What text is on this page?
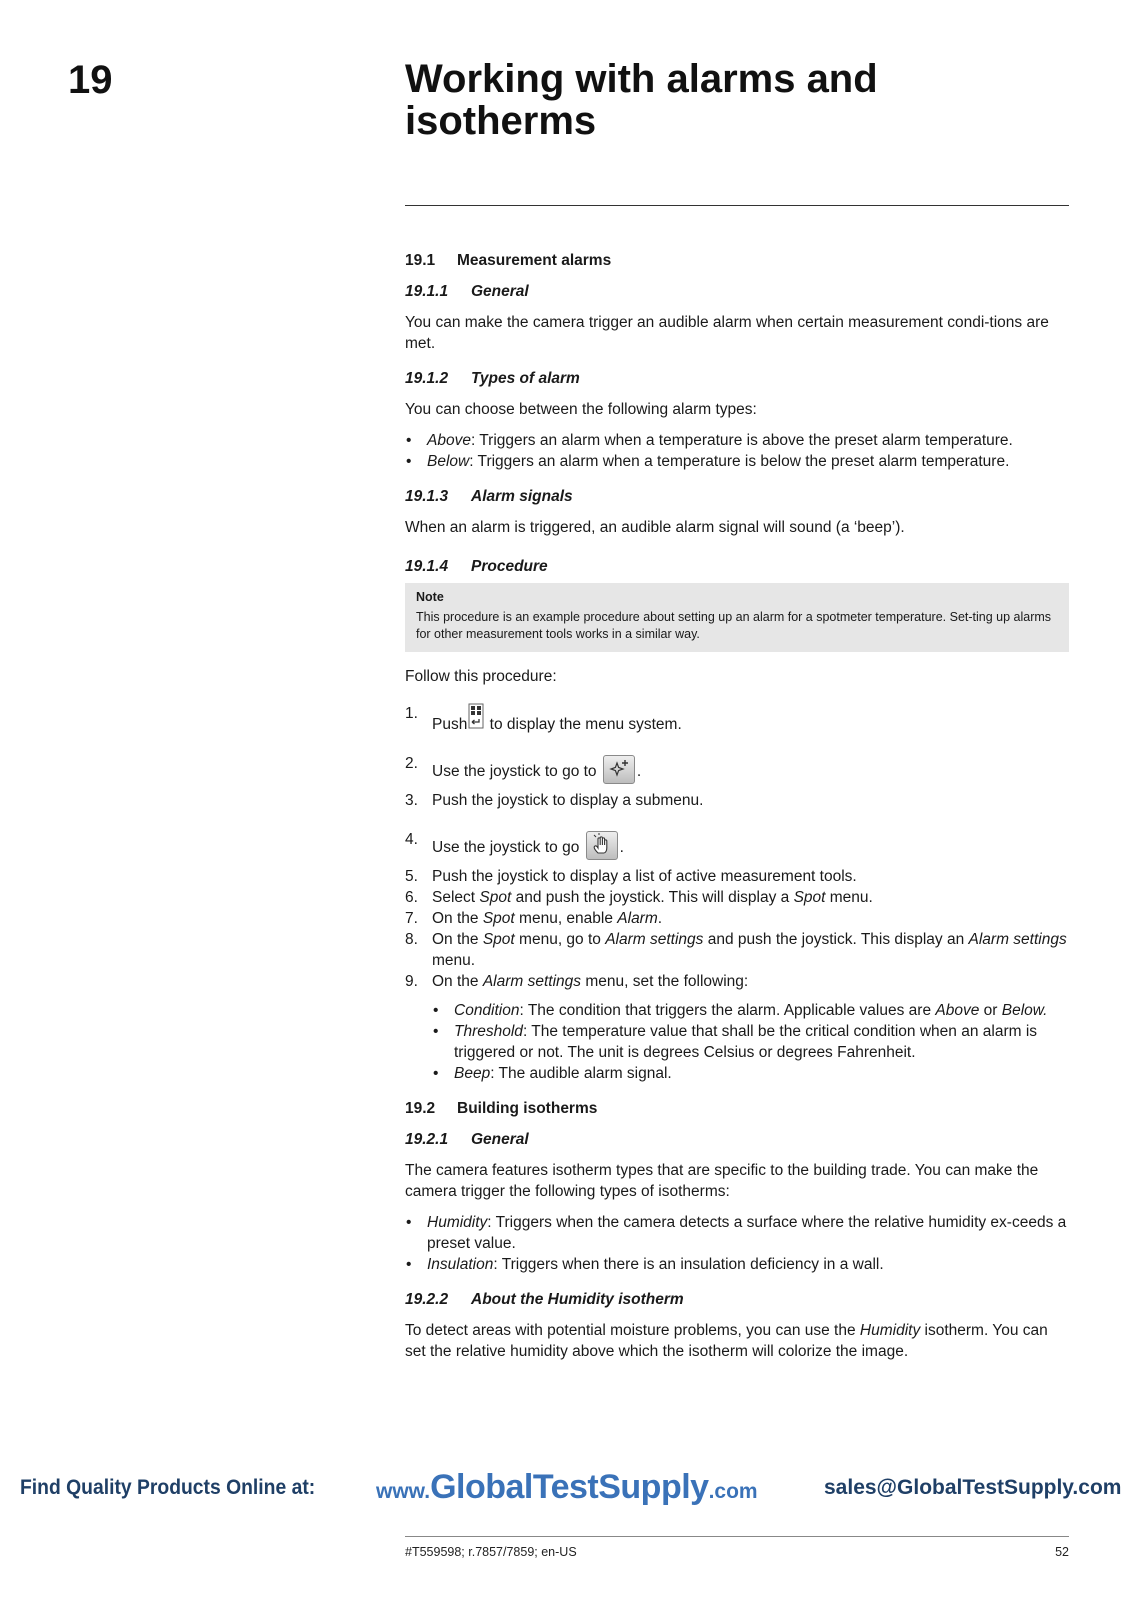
19	Working with alarms and isotherms
19.1 Measurement alarms
19.1.1 General

You can make the camera trigger an audible alarm when certain measurement condi-tions are met.

19.1.2 Types of alarm

You can choose between the following alarm types:

• Above: Triggers an alarm when a temperature is above the preset alarm temperature.
• Below: Triggers an alarm when a temperature is below the preset alarm temperature.
19.1.3 Alarm signals

When an alarm is triggered, an audible alarm signal will sound (a ‘beep’).

19.1.4 Procedure
Note
This procedure is an example procedure about setting up an alarm for a spotmeter temperature. Set-ting up alarms for other measurement tools works in a similar way.

Follow this procedure:

1.
Push to display the menu system.
2. Use the joystick to go to	.
3. Push the joystick to display a submenu.
4. Use the joystick to go	.
5. Push the joystick to display a list of active measurement tools.
6. Select Spot and push the joystick. This will display a Spot menu.
7. On the Spot menu, enable Alarm.
8. On the Spot menu, go to Alarm settings and push the joystick. This display an Alarm settings menu.
9. On the Alarm settings menu, set the following:
• Condition: The condition that triggers the alarm. Applicable values are Above or Below.
• Threshold: The temperature value that shall be the critical condition when an alarm is triggered or not. The unit is degrees Celsius or degrees Fahrenheit.
• Beep: The audible alarm signal.
19.2 Building isotherms
19.2.1 General

The camera features isotherm types that are specific to the building trade. You can make the camera trigger the following types of isotherms:

• Humidity: Triggers when the camera detects a surface where the relative humidity ex-ceeds a preset value.
• Insulation: Triggers when there is an insulation deficiency in a wall.
19.2.2 About the Humidity isotherm

To detect areas with potential moisture problems, you can use the Humidity isotherm. You can set the relative humidity above which the isotherm will colorize the image.

Find Quality Products Online at:	www.GlobalTestSupply.com	sales@GlobalTestSupply.com
#T559598; r.7857/7859; en-US	52
